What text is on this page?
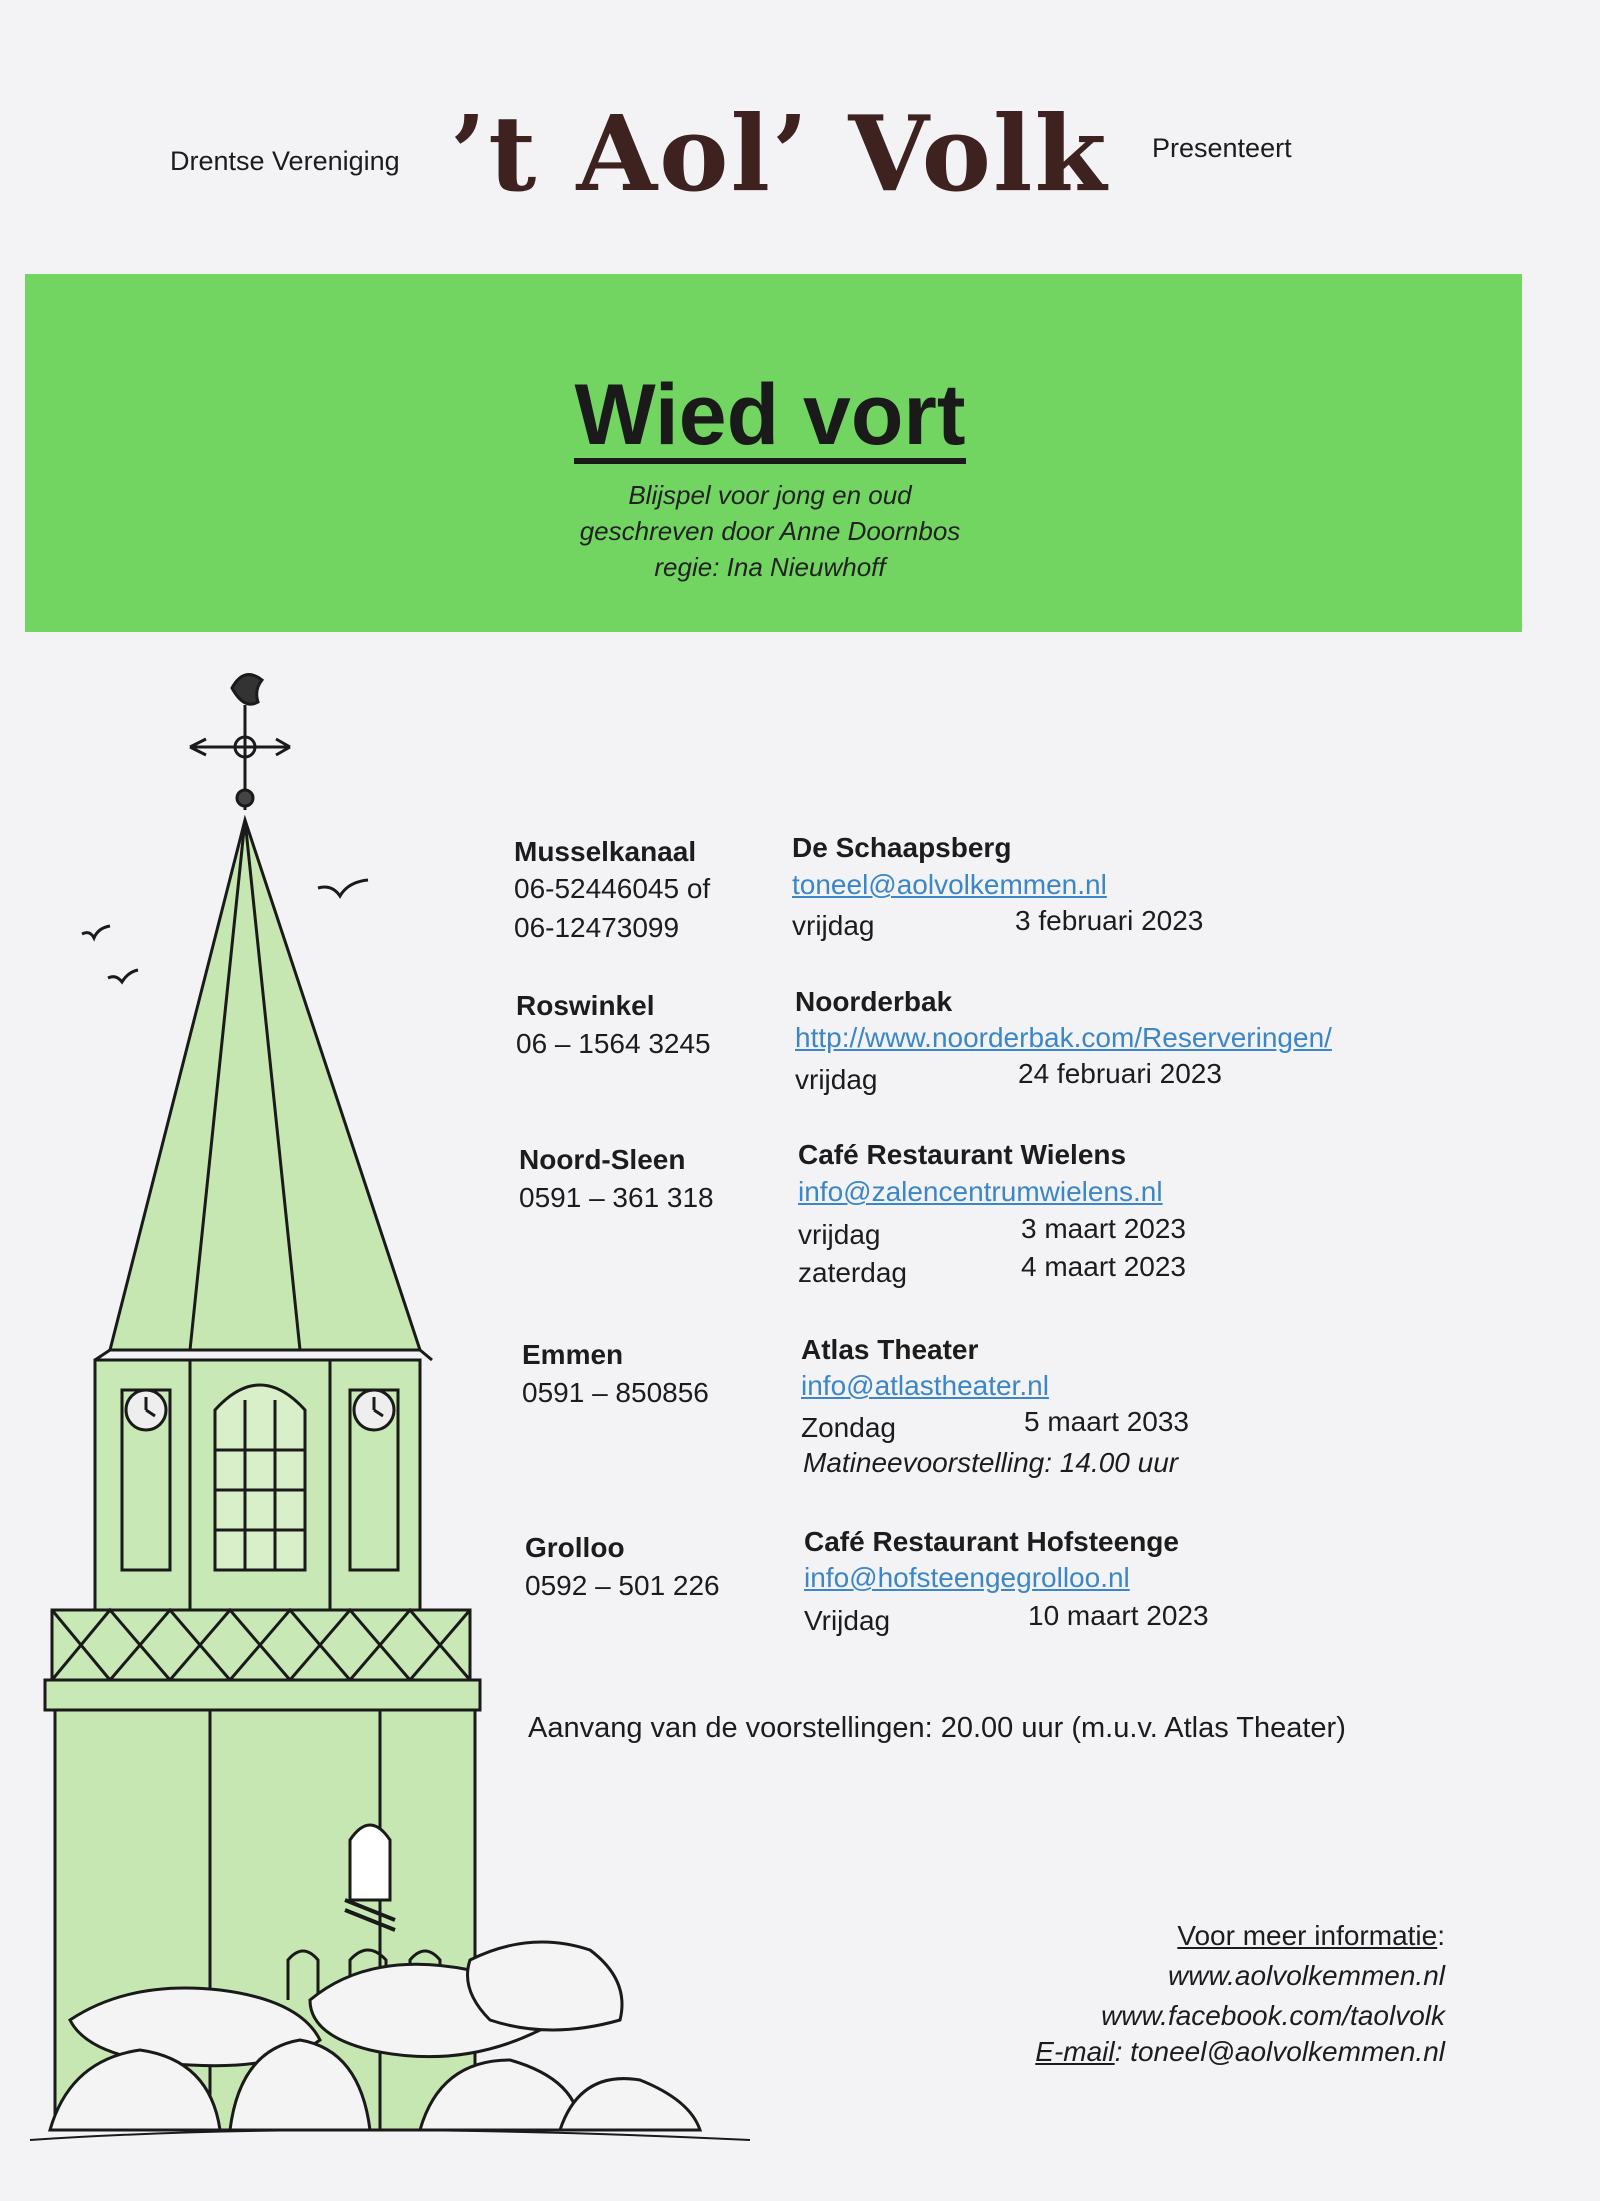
Drentse Vereniging ’t Aol’ Volk Presenteert
Wied vort
Blijspel voor jong en oud
geschreven door Anne Doornbos
regie: Ina Nieuwhoff
Musselkanaal
06-52446045 of
06-12473099
De Schaapsberg
toneel@aolvolkemmen.nl
vrijdag	3 februari 2023
Roswinkel
06 – 1564 3245
Noorderbak
http://www.noorderbak.com/Reserveringen/
vrijdag	24 februari 2023
Noord-Sleen
0591 – 361 318
Café Restaurant Wielens
info@zalencentrumwielens.nl
vrijdag	3 maart 2023
zaterdag	4 maart 2023
Emmen
0591 – 850856
Atlas Theater
info@atlastheater.nl
Zondag	5 maart 2033
Matineevoorstelling: 14.00 uur
Grolloo
0592 – 501 226
Café Restaurant Hofsteenge
info@hofsteengegrolloo.nl
Vrijdag	10 maart 2023
Aanvang van de voorstellingen: 20.00 uur (m.u.v. Atlas Theater)
Voor meer informatie:
www.aolvolkemmen.nl
www.facebook.com/taolvolk
E-mail: toneel@aolvolkemmen.nl
